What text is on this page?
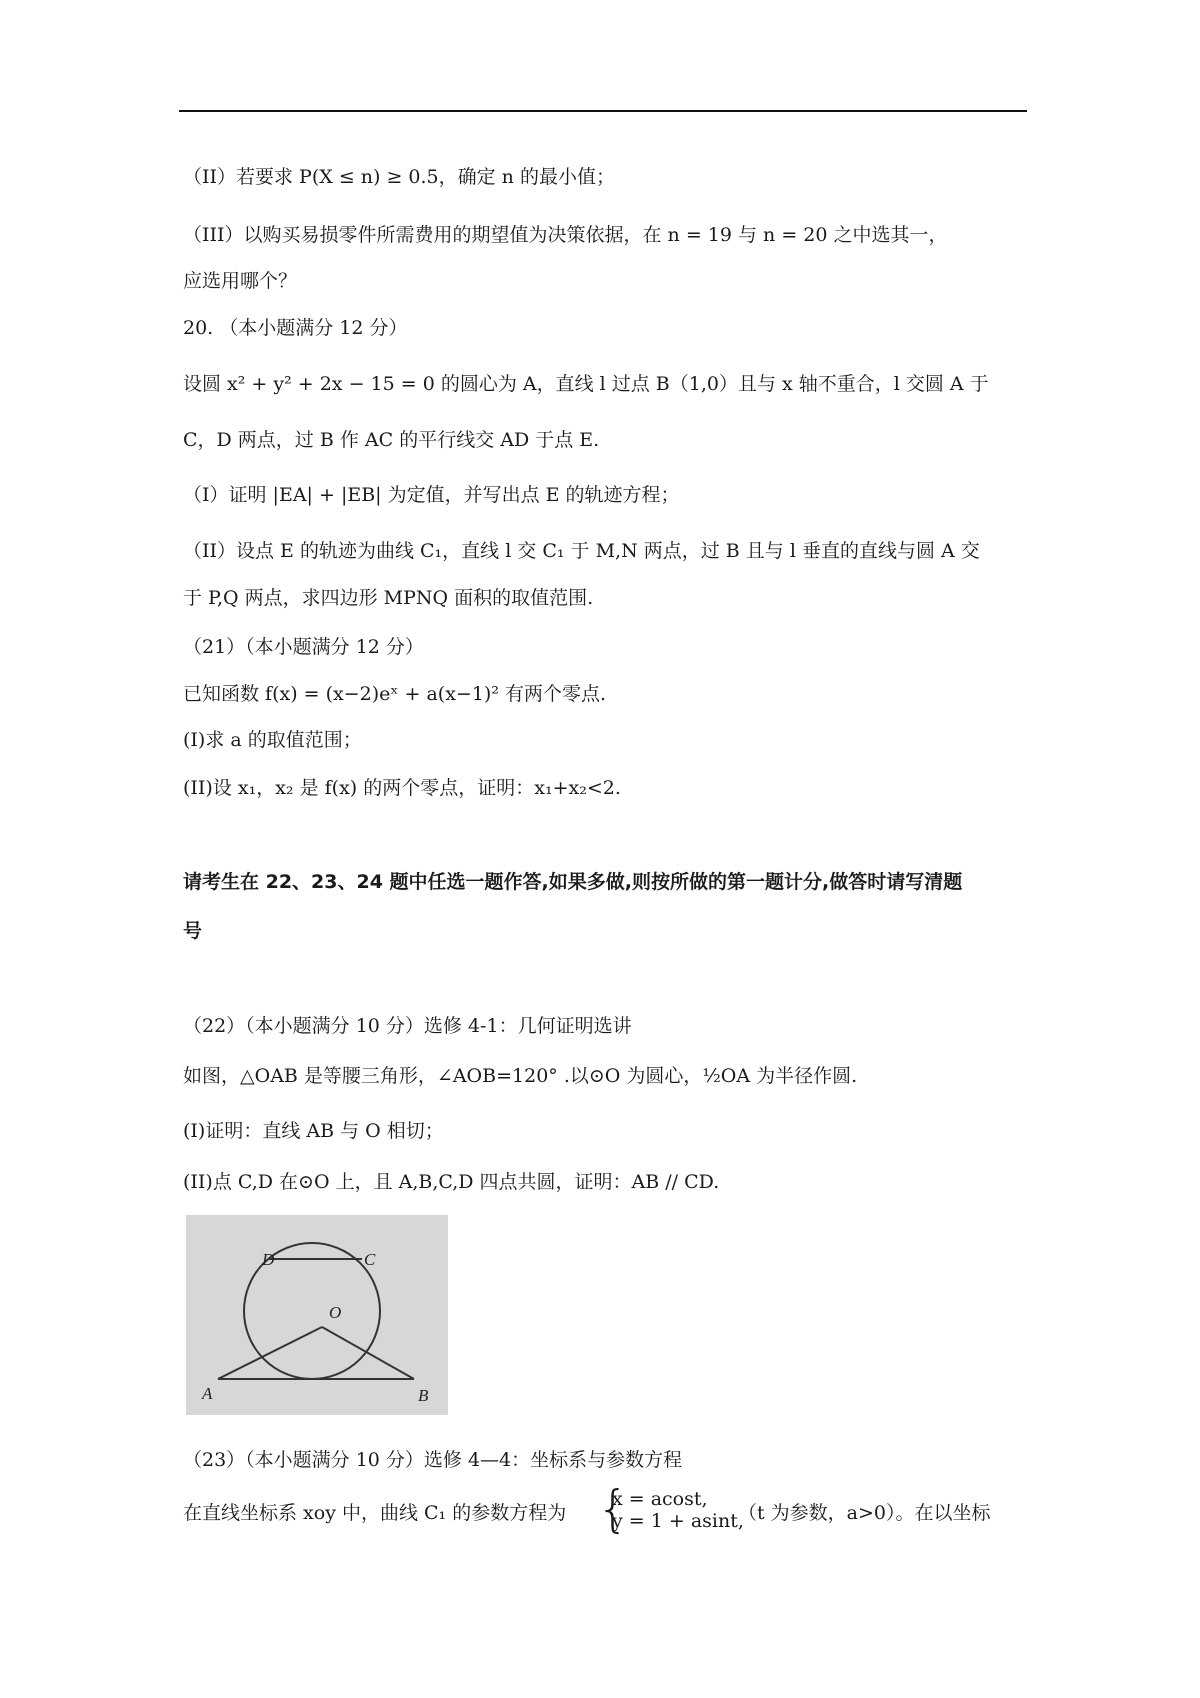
（II）若要求 P(X ≤ n) ≥ 0.5，确定 n 的最小值；
（III）以购买易损零件所需费用的期望值为决策依据，在 n = 19 与 n = 20 之中选其一，
应选用哪个？
20. （本小题满分 12 分）
设圆 x² + y² + 2x − 15 = 0 的圆心为 A，直线 l 过点 B（1,0）且与 x 轴不重合，l 交圆 A 于
C，D 两点，过 B 作 AC 的平行线交 AD 于点 E.
（I）证明 |EA| + |EB| 为定值，并写出点 E 的轨迹方程；
（II）设点 E 的轨迹为曲线 C₁，直线 l 交 C₁ 于 M,N 两点，过 B 且与 l 垂直的直线与圆 A 交
于 P,Q 两点，求四边形 MPNQ 面积的取值范围.
（21）（本小题满分 12 分）
已知函数 f(x) = (x−2)eˣ + a(x−1)² 有两个零点.
(I)求 a 的取值范围；
(II)设 x₁，x₂ 是 f(x) 的两个零点，证明：x₁+x₂<2.
请考生在 22、23、24 题中任选一题作答,如果多做,则按所做的第一题计分,做答时请写清题
号
（22）（本小题满分 10 分）选修 4-1：几何证明选讲
如图，△OAB 是等腰三角形，∠AOB=120° .以⊙O 为圆心，½OA 为半径作圆.
(I)证明：直线 AB 与 O 相切；
(II)点 C,D 在⊙O 上，且 A,B,C,D 四点共圆，证明：AB // CD.
D	C
O
A	B
（23）（本小题满分 10 分）选修 4—4：坐标系与参数方程
在直线坐标系 xoy 中，曲线 C₁ 的参数方程为 {
x = acost,
y = 1 + asint,
（t 为参数，a>0）。在以坐标
